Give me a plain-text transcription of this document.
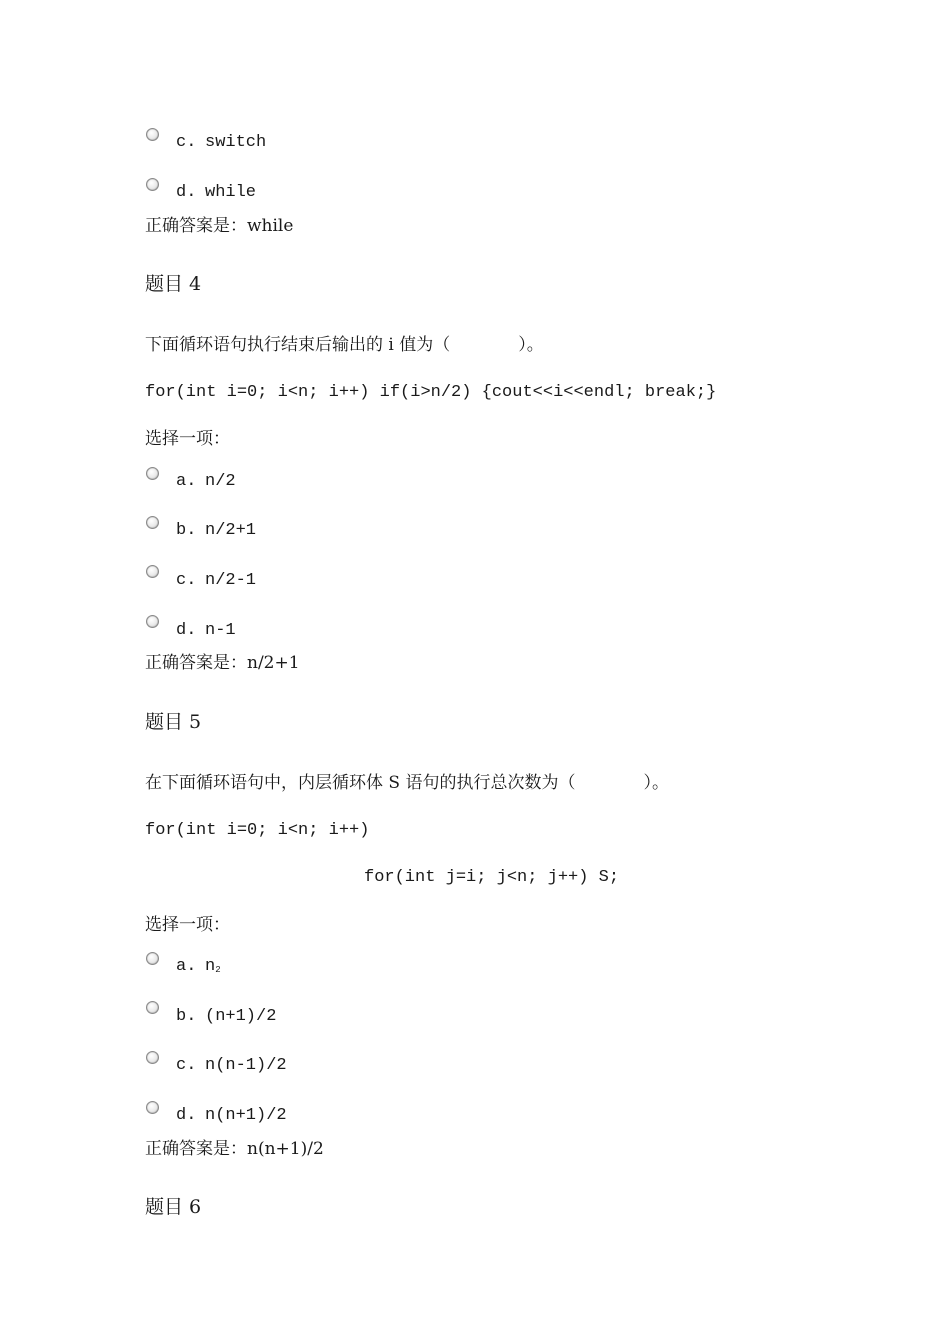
c. switch
d. while
正确答案是：while
题目 4
下面循环语句执行结束后输出的 i 值为（　　　　）。
for(int i=0; i<n; i++) if(i>n/2) {cout<<i<<endl; break;}
选择一项：
a. n/2
b. n/2+1
c. n/2-1
d. n-1
正确答案是：n/2+1
题目 5
在下面循环语句中，内层循环体 S 语句的执行总次数为（　　　　）。
for(int i=0; i<n; i++)
for(int j=i; j<n; j++) S;
选择一项：
a. $n_2$
b. (n+1)/2
c. n(n-1)/2
d. n(n+1)/2
正确答案是：n(n+1)/2
题目 6
